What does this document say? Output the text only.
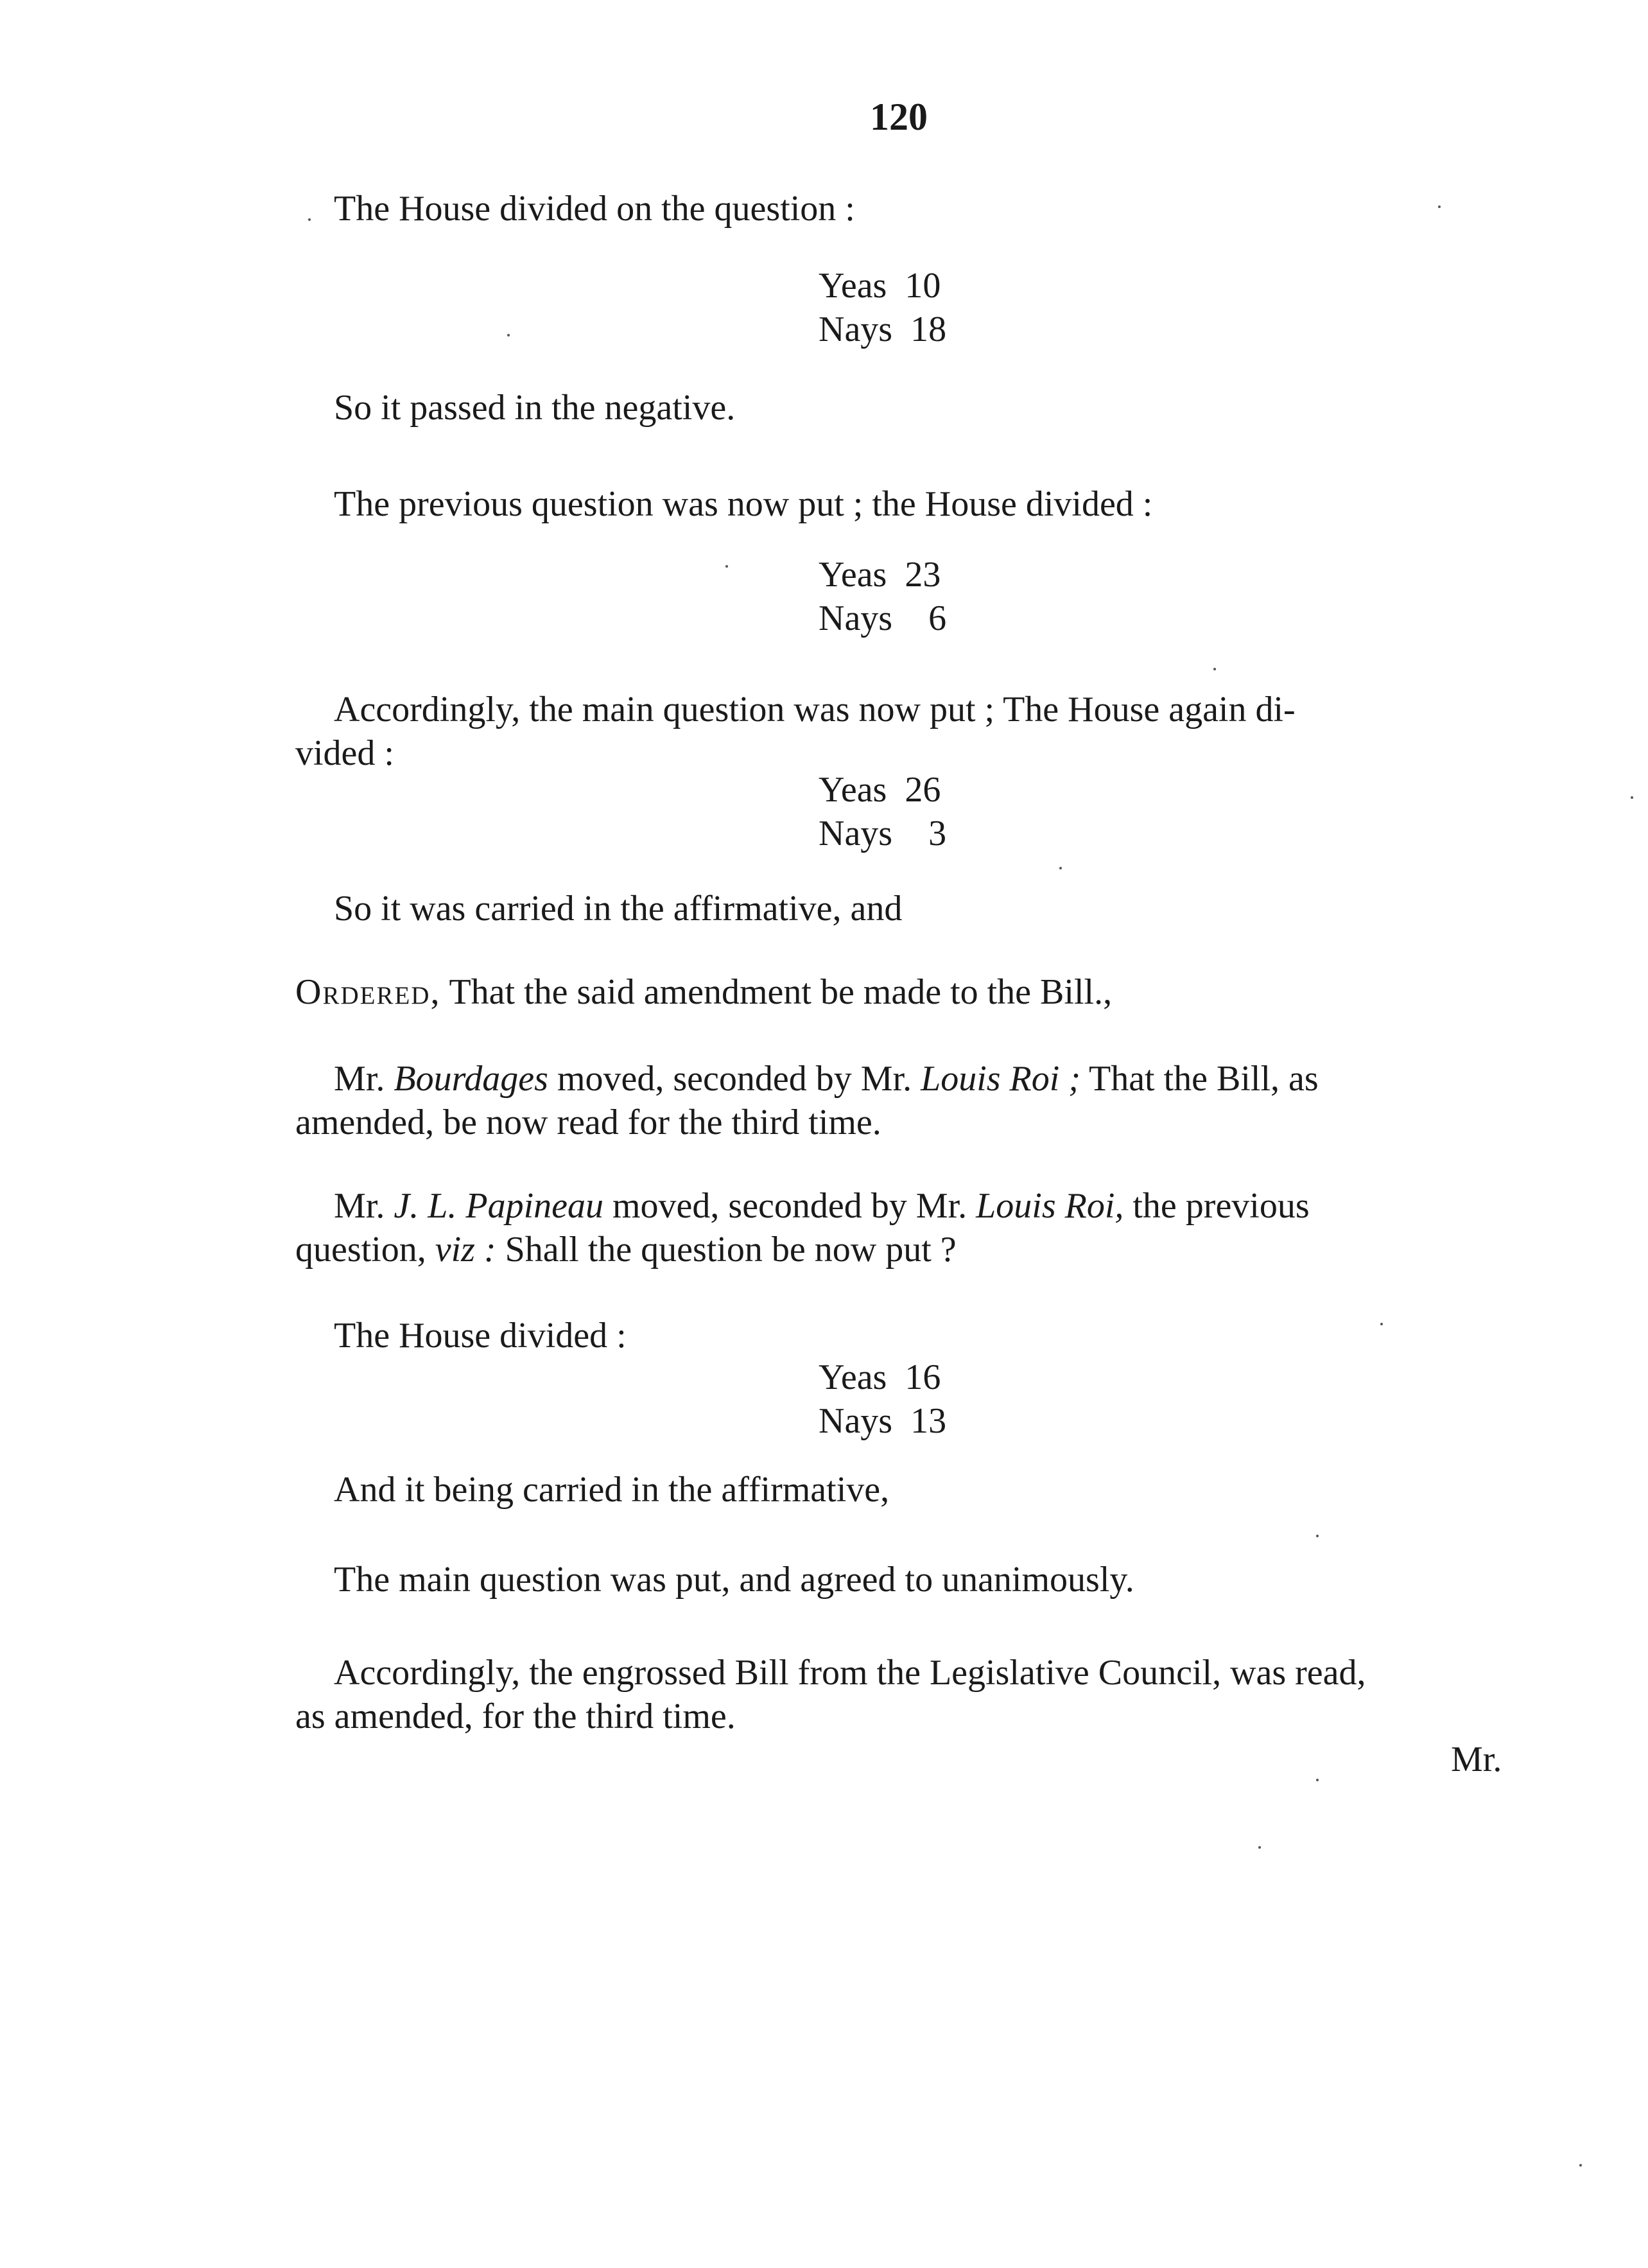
120
The House divided on the question :
Yeas 10
Nays 18
So it passed in the negative.
The previous question was now put ; the House divided :
Yeas 23
Nays 6
Accordingly, the main question was now put ; The House again di-
vided :
Yeas 26
Nays 3
So it was carried in the affirmative, and
Ordered, That the said amendment be made to the Bill.,
Mr. Bourdages moved, seconded by Mr. Louis Roi ; That the Bill, as
amended, be now read for the third time.
Mr. J. L. Papineau moved, seconded by Mr. Louis Roi, the previous
question, viz : Shall the question be now put ?
The House divided :
Yeas 16
Nays 13
And it being carried in the affirmative,
The main question was put, and agreed to unanimously.
Accordingly, the engrossed Bill from the Legislative Council, was read,
as amended, for the third time.
Mr.
